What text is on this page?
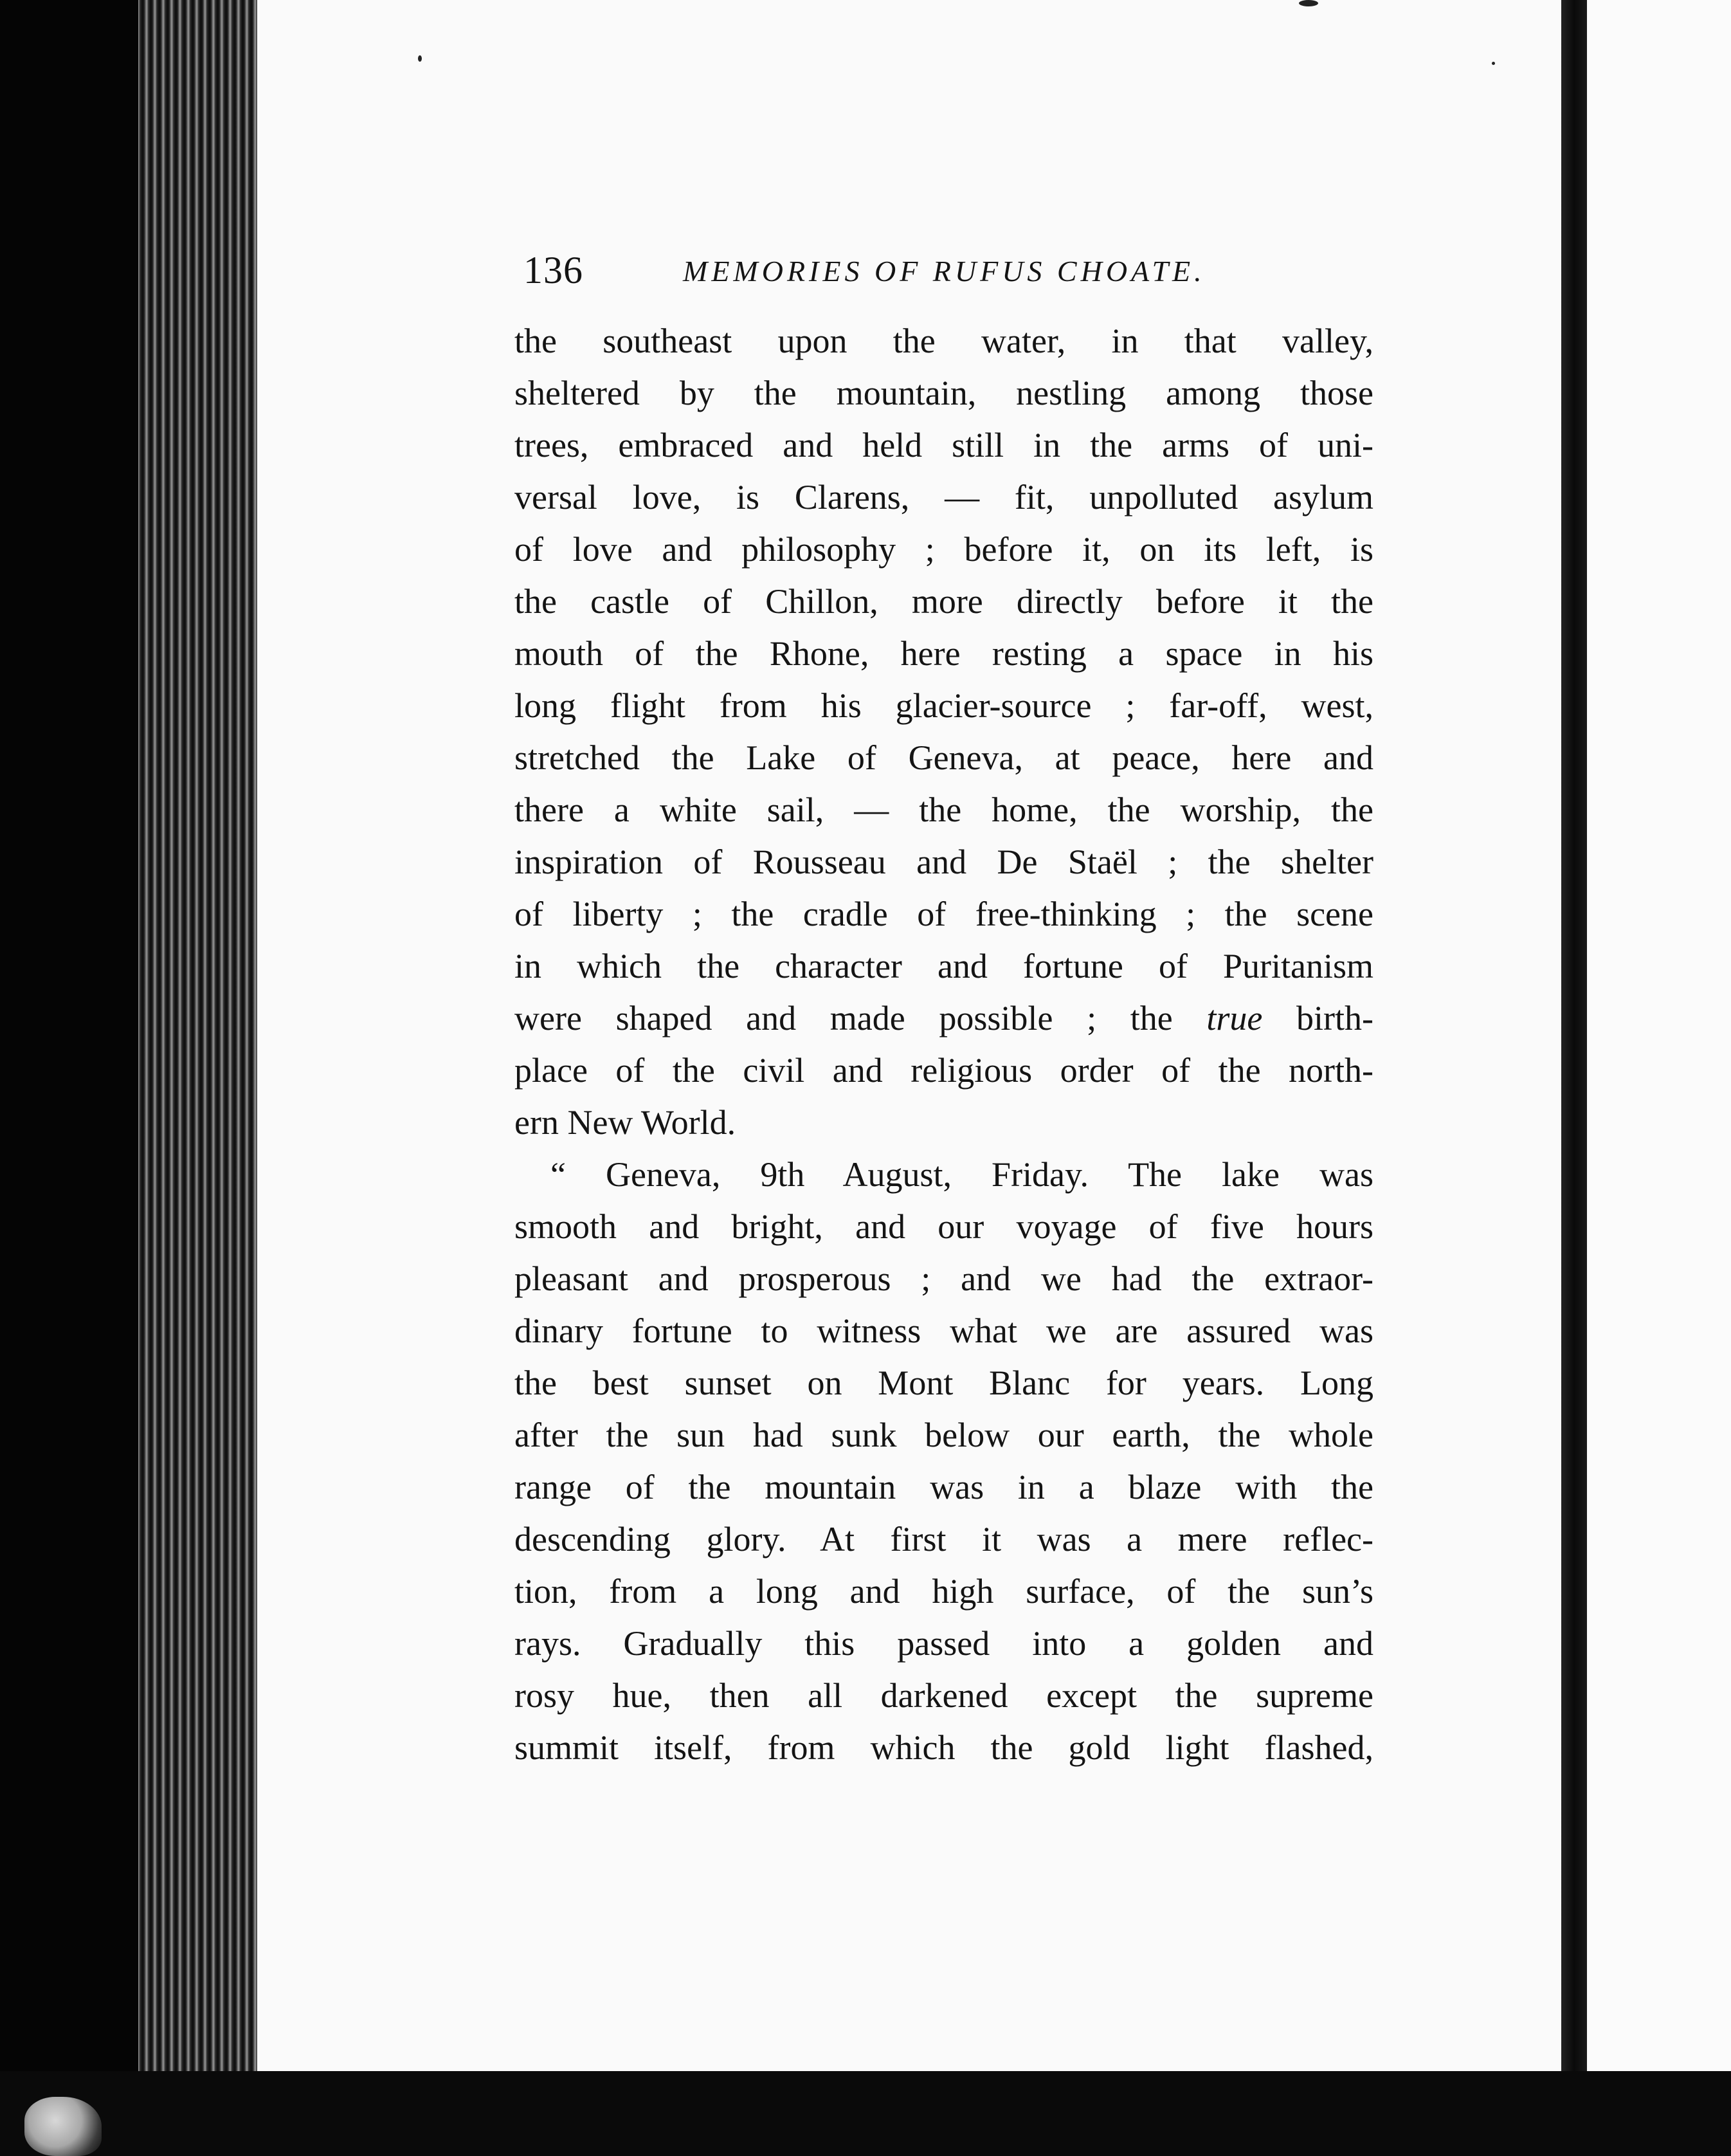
136	MEMORIES OF RUFUS CHOATE.
the southeast upon the water, in that valley,
sheltered by the mountain, nestling among those
trees, embraced and held still in the arms of uni-
versal love, is Clarens, — fit, unpolluted asylum
of love and philosophy ; before it, on its left, is
the castle of Chillon, more directly before it the
mouth of the Rhone, here resting a space in his
long flight from his glacier-source ; far-off, west,
stretched the Lake of Geneva, at peace, here and
there a white sail, — the home, the worship, the
inspiration of Rousseau and De Staël ; the shelter
of liberty ; the cradle of free-thinking ; the scene
in which the character and fortune of Puritanism
were shaped and made possible ; the true birth-
place of the civil and religious order of the north-
ern New World.
“ Geneva, 9th August, Friday. The lake was
smooth and bright, and our voyage of five hours
pleasant and prosperous ; and we had the extraor-
dinary fortune to witness what we are assured was
the best sunset on Mont Blanc for years. Long
after the sun had sunk below our earth, the whole
range of the mountain was in a blaze with the
descending glory. At first it was a mere reflec-
tion, from a long and high surface, of the sun’s
rays. Gradually this passed into a golden and
rosy hue, then all darkened except the supreme
summit itself, from which the gold light flashed,
